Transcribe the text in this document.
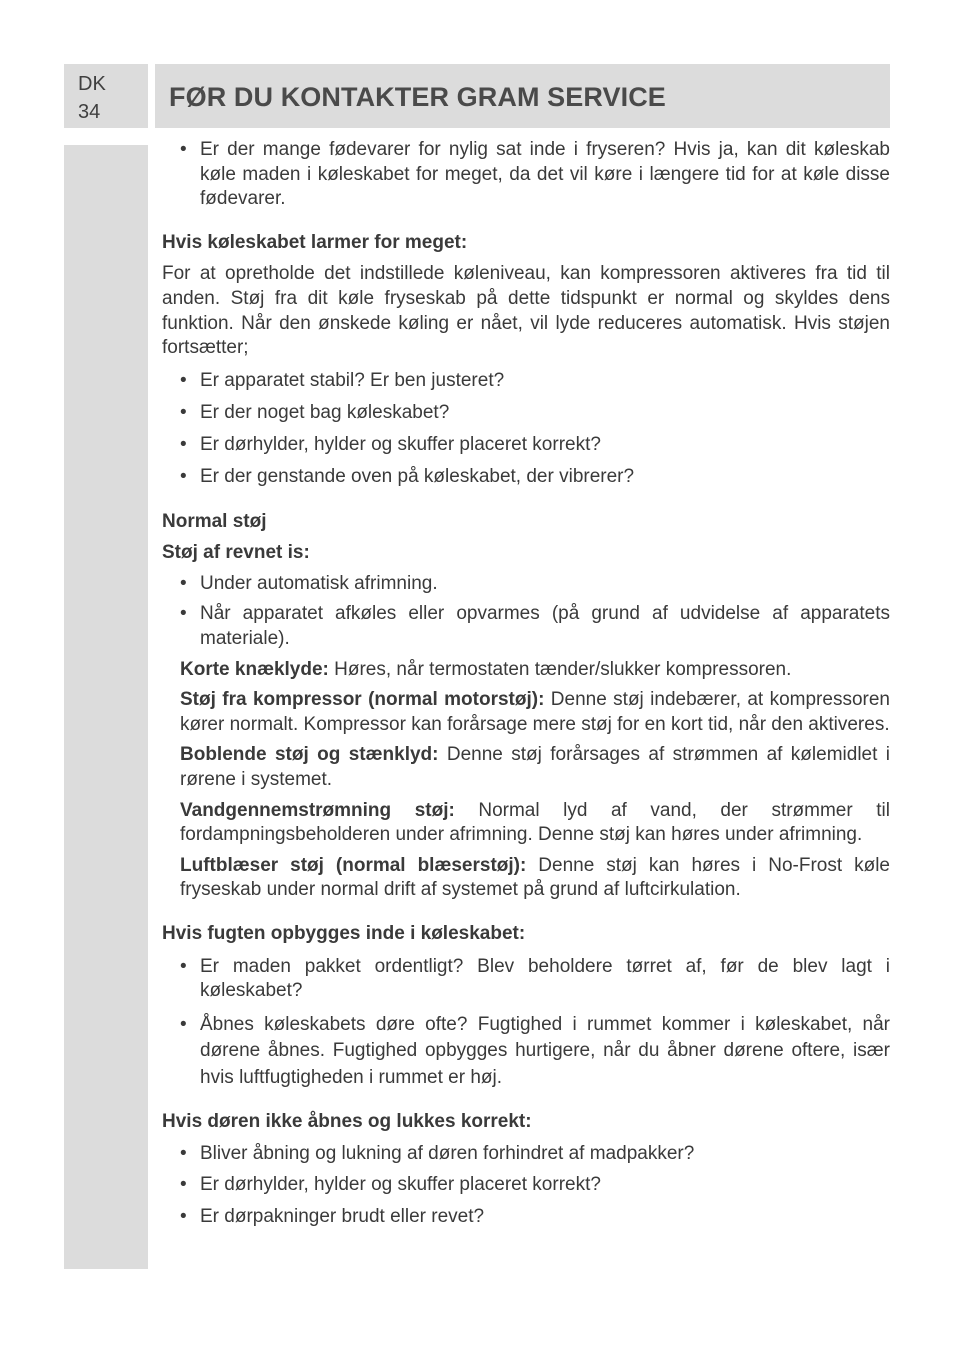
DK
34	FØR DU KONTAKTER GRAM SERVICE
• Er der mange fødevarer for nylig sat inde i fryseren? Hvis ja, kan dit køleskab køle maden i køleskabet for meget, da det vil køre i længere tid for at køle disse fødevarer.
Hvis køleskabet larmer for meget:

For at opretholde det indstillede køleniveau, kan kompressoren aktiveres fra tid til anden. Støj fra dit køle fryseskab på dette tidspunkt er normal og skyldes dens funktion. Når den ønskede køling er nået, vil lyde reduceres automatisk. Hvis støjen fortsætter;

• Er apparatet stabil? Er ben justeret?
• Er der noget bag køleskabet?
• Er dørhylder, hylder og skuffer placeret korrekt?
• Er der genstande oven på køleskabet, der vibrerer?
Normal støj
Støj af revnet is:
• Under automatisk afrimning.
• Når apparatet afkøles eller opvarmes (på grund af udvidelse af apparatets materiale).

Korte knæklyde: Høres, når termostaten tænder/slukker kompressoren.

Støj fra kompressor (normal motorstøj): Denne støj indebærer, at kompressoren kører normalt. Kompressor kan forårsage mere støj for en kort tid, når den aktiveres.

Boblende støj og stænklyd: Denne støj forårsages af strømmen af kølemidlet i rørene i systemet.

Vandgennemstrømning støj: Normal lyd af vand, der strømmer til fordampningsbeholderen under afrimning. Denne støj kan høres under afrimning.

Luftblæser støj (normal blæserstøj): Denne støj kan høres i No-Frost køle fryseskab under normal drift af systemet på grund af luftcirkulation.

Hvis fugten opbygges inde i køleskabet:
• Er maden pakket ordentligt? Blev beholdere tørret af, før de blev lagt i køleskabet?
• Åbnes køleskabets døre ofte? Fugtighed i rummet kommer i køleskabet, når dørene åbnes. Fugtighed opbygges hurtigere, når du åbner dørene oftere, især hvis luftfugtigheden i rummet er høj.
Hvis døren ikke åbnes og lukkes korrekt:
• Bliver åbning og lukning af døren forhindret af madpakker?
• Er dørhylder, hylder og skuffer placeret korrekt?
• Er dørpakninger brudt eller revet?
